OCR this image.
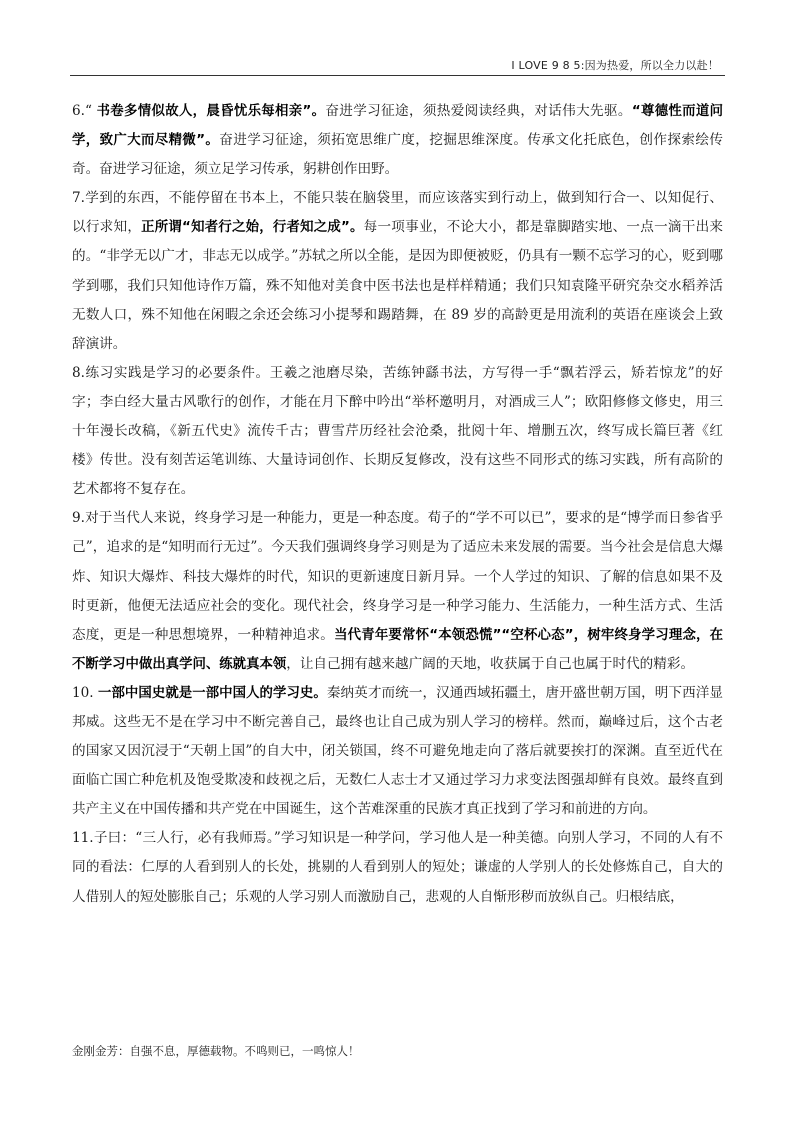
I LOVE 9 8 5:因为热爱，所以全力以赴！

6.“ 书卷多情似故人，晨昏忧乐每相亲”。奋进学习征途，须热爱阅读经典，对话伟大先驱。“尊德性而道问学，致广大而尽精微”。奋进学习征途，须拓宽思维广度，挖掘思维深度。传承文化托底色，创作探索绘传奇。奋进学习征途，须立足学习传承，躬耕创作田野。

7.学到的东西，不能停留在书本上，不能只装在脑袋里，而应该落实到行动上，做到知行合一、以知促行、以行求知，正所谓“知者行之始，行者知之成”。每一项事业，不论大小，都是靠脚踏实地、一点一滴干出来的。“非学无以广才，非志无以成学。”苏轼之所以全能，是因为即便被贬，仍具有一颗不忘学习的心，贬到哪学到哪，我们只知他诗作万篇，殊不知他对美食中医书法也是样样精通；我们只知袁隆平研究杂交水稻养活无数人口，殊不知他在闲暇之余还会练习小提琴和踢踏舞，在 89 岁的高龄更是用流利的英语在座谈会上致辞演讲。

8.练习实践是学习的必要条件。王羲之池磨尽染，苦练钟繇书法，方写得一手“飘若浮云，矫若惊龙”的好字；李白经大量古风歌行的创作，才能在月下醉中吟出“举杯邀明月，对酒成三人”；欧阳修修文修史，用三十年漫长改稿，《新五代史》流传千古；曹雪芹历经社会沧桑，批阅十年、增删五次，终写成长篇巨著《红楼》传世。没有刻苦运笔训练、大量诗词创作、长期反复修改，没有这些不同形式的练习实践，所有高阶的艺术都将不复存在。

9.对于当代人来说，终身学习是一种能力，更是一种态度。荀子的“学不可以已”，要求的是“博学而日参省乎己”，追求的是“知明而行无过”。今天我们强调终身学习则是为了适应未来发展的需要。当今社会是信息大爆炸、知识大爆炸、科技大爆炸的时代，知识的更新速度日新月异。一个人学过的知识、了解的信息如果不及时更新，他便无法适应社会的变化。现代社会，终身学习是一种学习能力、生活能力，一种生活方式、生活态度，更是一种思想境界，一种精神追求。当代青年要常怀“本领恐慌”“空杯心态”，树牢终身学习理念，在不断学习中做出真学问、练就真本领，让自己拥有越来越广阔的天地，收获属于自己也属于时代的精彩。

10. 一部中国史就是一部中国人的学习史。秦纳英才而统一，汉通西域拓疆土，唐开盛世朝万国，明下西洋显邦威。这些无不是在学习中不断完善自己，最终也让自己成为别人学习的榜样。然而，巅峰过后，这个古老的国家又因沉浸于“天朝上国”的自大中，闭关锁国，终不可避免地走向了落后就要挨打的深渊。直至近代在面临亡国亡种危机及饱受欺凌和歧视之后，无数仁人志士才又通过学习力求变法图强却鲜有良效。最终直到共产主义在中国传播和共产党在中国诞生，这个苦难深重的民族才真正找到了学习和前进的方向。

11.子曰：“三人行，必有我师焉。”学习知识是一种学问，学习他人是一种美德。向别人学习，不同的人有不同的看法：仁厚的人看到别人的长处，挑剔的人看到别人的短处；谦虚的人学别人的长处修炼自己，自大的人借别人的短处膨胀自己；乐观的人学习别人而激励自己，悲观的人自惭形秽而放纵自己。归根结底，

金刚金芳：自强不息，厚德载物。不鸣则已，一鸣惊人！
